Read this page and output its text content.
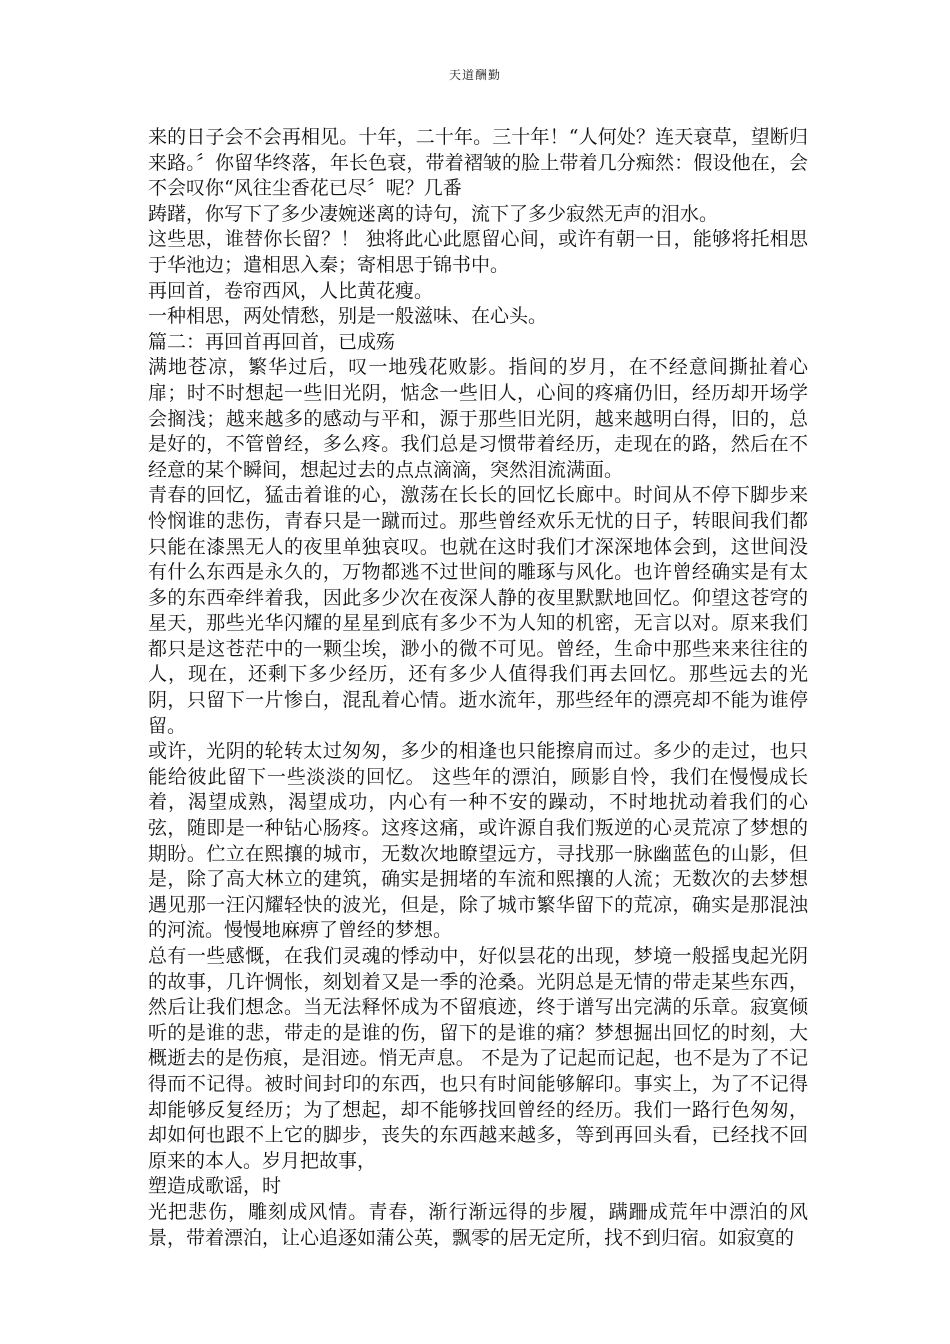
天道酬勤

来的日子会不会再相见。十年，二十年。三十年！“人何处？连天衰草，望断归来路。〞你留华终落，年长色衰，带着褶皱的脸上带着几分痴然：假设他在，会不会叹你“风往尘香花已尽〞呢？几番

踌躇，你写下了多少凄婉迷离的诗句，流下了多少寂然无声的泪水。

这些思，谁替你长留？！ 独将此心此愿留心间，或许有朝一日，能够将托相思于华池边；遣相思入秦；寄相思于锦书中。

再回首，卷帘西风，人比黄花瘦。

一种相思，两处情愁，别是一般滋味、在心头。

篇二：再回首再回首，已成殇

满地苍凉，繁华过后，叹一地残花败影。指间的岁月，在不经意间撕扯着心扉；时不时想起一些旧光阴，惦念一些旧人，心间的疼痛仍旧，经历却开场学会搁浅；越来越多的感动与平和，源于那些旧光阴，越来越明白得，旧的，总是好的，不管曾经，多么疼。我们总是习惯带着经历，走现在的路，然后在不经意的某个瞬间，想起过去的点点滴滴，突然泪流满面。

青春的回忆，猛击着谁的心，激荡在长长的回忆长廊中。时间从不停下脚步来怜悯谁的悲伤，青春只是一蹴而过。那些曾经欢乐无忧的日子，转眼间我们都只能在漆黑无人的夜里单独哀叹。也就在这时我们才深深地体会到，这世间没有什么东西是永久的，万物都逃不过世间的雕琢与风化。也许曾经确实是有太多的东西牵绊着我，因此多少次在夜深人静的夜里默默地回忆。仰望这苍穹的星天，那些光华闪耀的星星到底有多少不为人知的机密，无言以对。原来我们都只是这苍茫中的一颗尘埃，渺小的微不可见。曾经，生命中那些来来往往的人，现在，还剩下多少经历，还有多少人值得我们再去回忆。那些远去的光阴，只留下一片惨白，混乱着心情。逝水流年，那些经年的漂亮却不能为谁停留。

或许，光阴的轮转太过匆匆，多少的相逢也只能擦肩而过。多少的走过，也只能给彼此留下一些淡淡的回忆。 这些年的漂泊，顾影自怜，我们在慢慢成长着，渴望成熟，渴望成功，内心有一种不安的躁动，不时地扰动着我们的心弦，随即是一种钻心肠疼。这疼这痛，或许源自我们叛逆的心灵荒凉了梦想的期盼。伫立在熙攘的城市，无数次地瞭望远方，寻找那一脉幽蓝色的山影，但是，除了高大林立的建筑，确实是拥堵的车流和熙攘的人流；无数次的去梦想遇见那一汪闪耀轻快的波光，但是，除了城市繁华留下的荒凉，确实是那混浊的河流。慢慢地麻痹了曾经的梦想。

总有一些感慨，在我们灵魂的悸动中，好似昙花的出现，梦境一般摇曳起光阴的故事，几许惆怅，刻划着又是一季的沧桑。光阴总是无情的带走某些东西，然后让我们想念。当无法释怀成为不留痕迹，终于谱写出完满的乐章。寂寞倾听的是谁的悲，带走的是谁的伤，留下的是谁的痛？梦想掘出回忆的时刻，大概逝去的是伤痕，是泪迹。悄无声息。 不是为了记起而记起，也不是为了不记得而不记得。被时间封印的东西，也只有时间能够解印。事实上，为了不记得却能够反复经历；为了想起，却不能够找回曾经的经历。我们一路行色匆匆，却如何也跟不上它的脚步，丧失的东西越来越多，等到再回头看，已经找不回原来的本人。岁月把故事，

塑造成歌谣，时

光把悲伤，雕刻成风情。青春，渐行渐远得的步履，蹒跚成荒年中漂泊的风景，带着漂泊，让心追逐如蒲公英，飘零的居无定所，找不到归宿。如寂寞的
